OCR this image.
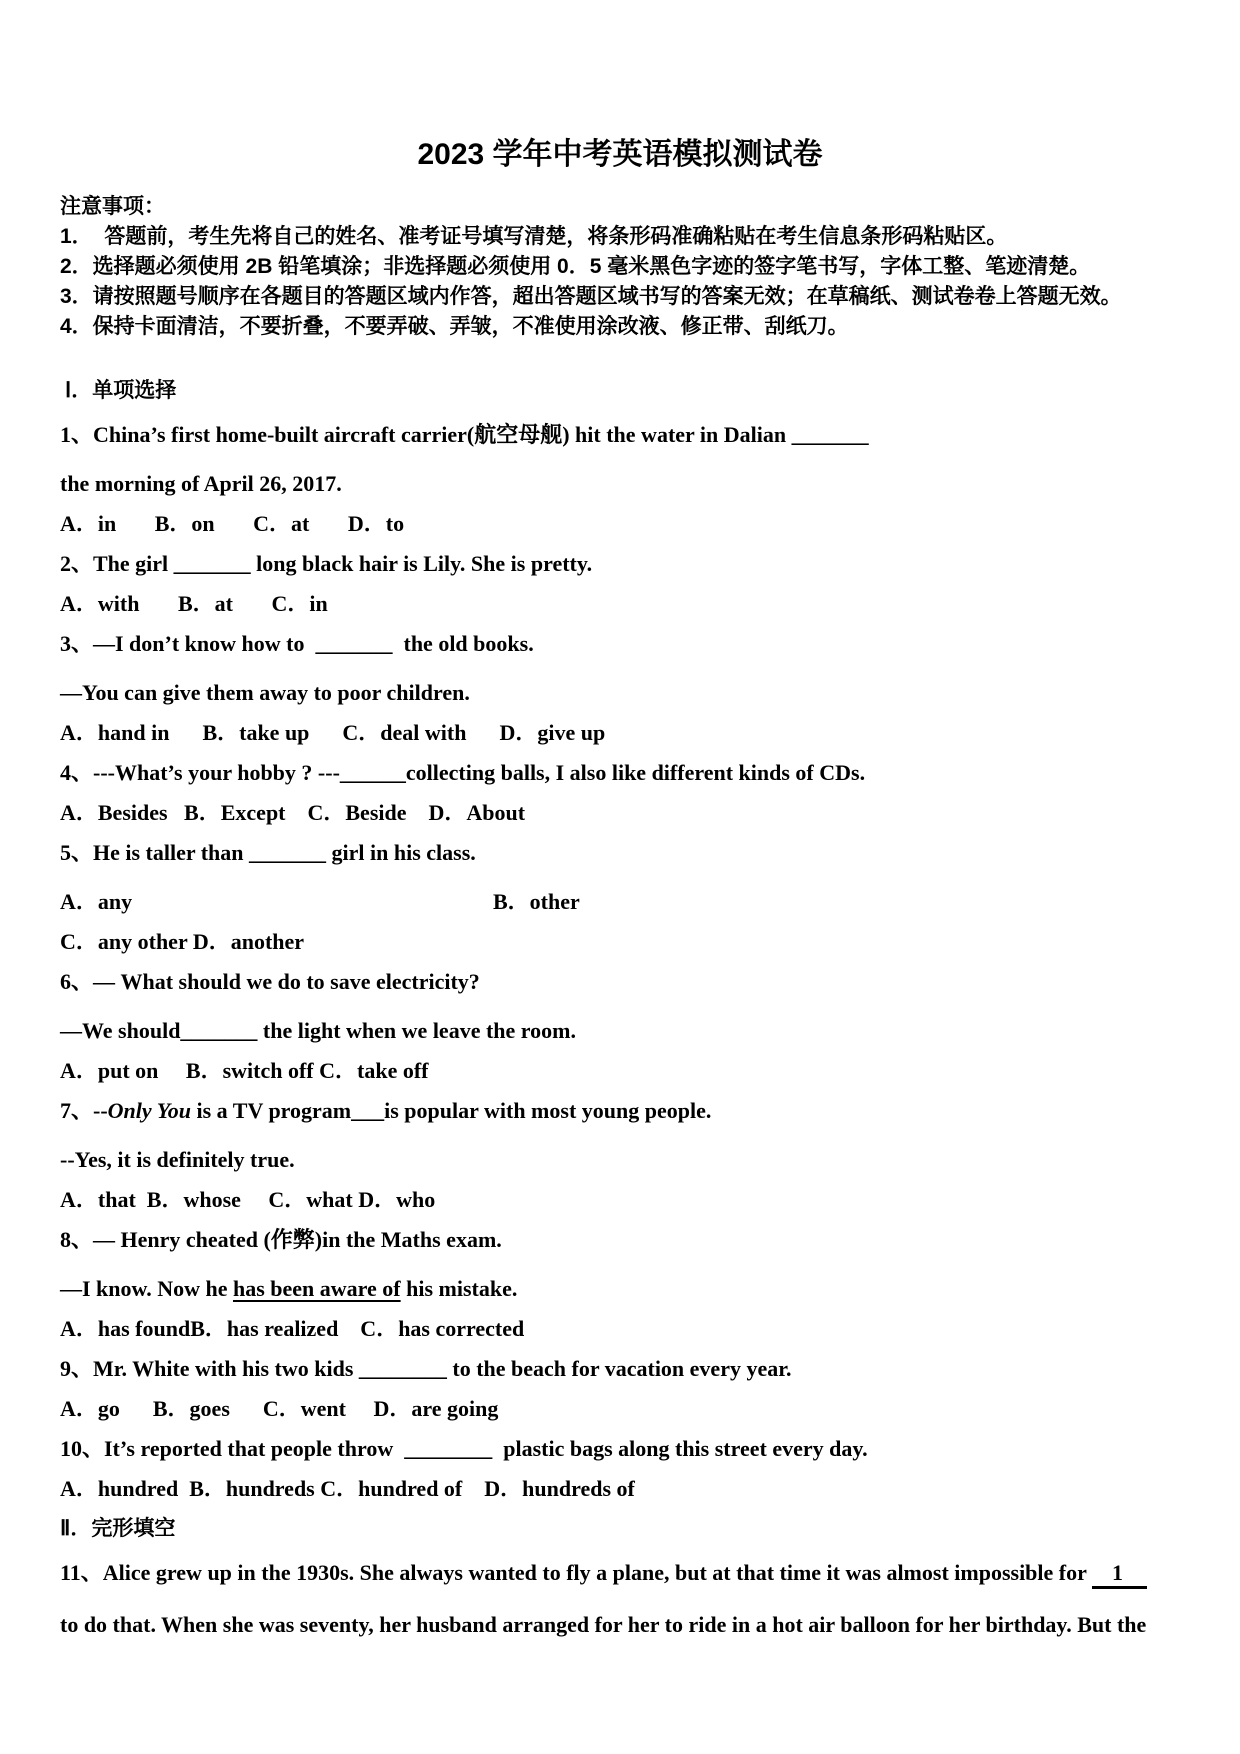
2023 学年中考英语模拟测试卷

注意事项：

1．  答题前，考生先将自己的姓名、准考证号填写清楚，将条形码准确粘贴在考生信息条形码粘贴区。

2．选择题必须使用 2B 铅笔填涂；非选择题必须使用 0．5 毫米黑色字迹的签字笔书写，字体工整、笔迹清楚。

3．请按照题号顺序在各题目的答题区域内作答，超出答题区域书写的答案无效；在草稿纸、测试卷卷上答题无效。

4．保持卡面清洁，不要折叠，不要弄破、弄皱，不准使用涂改液、修正带、刮纸刀。

Ⅰ．单项选择
1、China’s first home-built aircraft carrier(航空母舰) hit the water in Dalian _______
the morning of April 26, 2017.
A．in       B．on       C．at       D．to
2、The girl _______ long black hair is Lily. She is pretty.
A．with       B．at       C．in
3、—I don’t know how to  _______  the old books.
—You can give them away to poor children.
A．hand in      B．take up      C．deal with      D．give up
4、---What’s your hobby ? ---______collecting balls, I also like different kinds of CDs.
A．Besides   B．Except    C．Beside    D．About
5、He is taller than _______ girl in his class.
A．any	B．other
C．any other D．another
6、— What should we do to save electricity?
—We should_______ the light when we leave the room.
A．put on     B．switch off C．take off
7、--Only You is a TV program___is popular with most young people.
--Yes, it is definitely true.
A．that  B．whose     C．what D．who
8、— Henry cheated (作弊)in the Maths exam.
—I know. Now he has been aware of his mistake.
A．has foundB．has realized    C．has corrected
9、Mr. White with his two kids ________ to the beach for vacation every year.
A．go      B．goes      C．went     D．are going
10、It’s reported that people throw  ________  plastic bags along this street every day.
A．hundred  B．hundreds C．hundred of    D．hundreds of
Ⅱ．完形填空
11、Alice grew up in the 1930s. She always wanted to fly a plane, but at that time it was almost impossible for 1
to do that. When she was seventy, her husband arranged for her to ride in a hot air balloon for her birthday. But the
